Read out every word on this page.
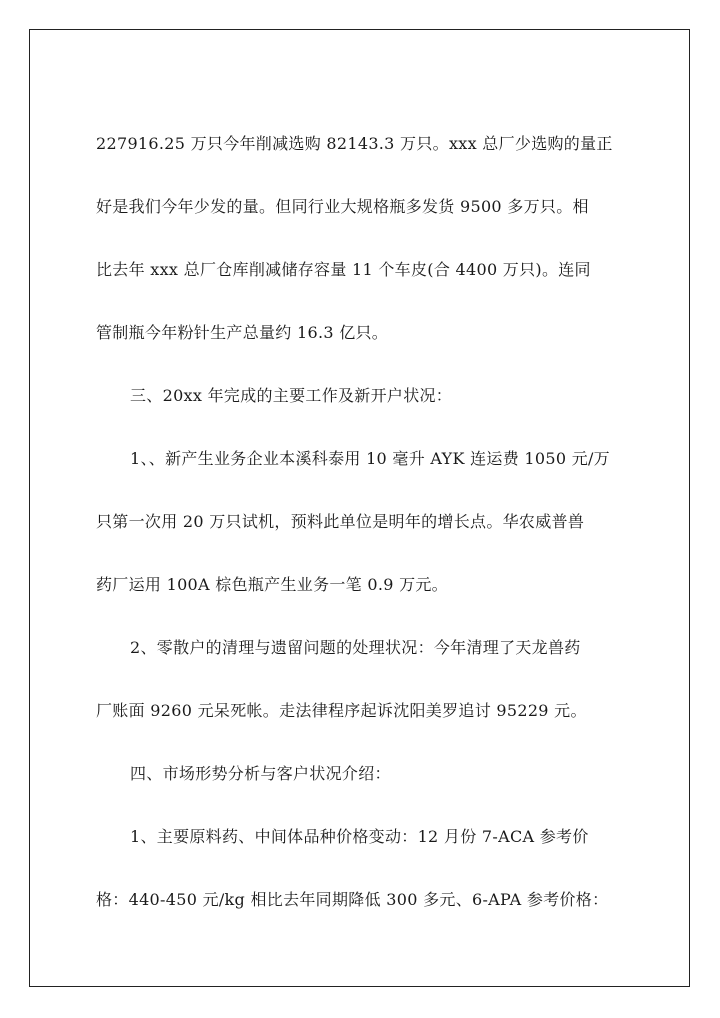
227916.25 万只今年削减选购 82143.3 万只。xxx 总厂少选购的量正

好是我们今年少发的量。但同行业大规格瓶多发货 9500 多万只。相

比去年 xxx 总厂仓库削减储存容量 11 个车皮(合 4400 万只)。连同

管制瓶今年粉针生产总量约 16.3 亿只。

三、20xx 年完成的主要工作及新开户状况：

1、、新产生业务企业本溪科泰用 10 毫升 AYK 连运费 1050 元/万

只第一次用 20 万只试机，预料此单位是明年的增长点。华农威普兽

药厂运用 100A 棕色瓶产生业务一笔 0.9 万元。

2、零散户的清理与遗留问题的处理状况：今年清理了天龙兽药

厂账面 9260 元呆死帐。走法律程序起诉沈阳美罗追讨 95229 元。

四、市场形势分析与客户状况介绍：

1、主要原料药、中间体品种价格变动：12 月份 7-ACA 参考价

格：440-450 元/kg 相比去年同期降低 300 多元、6-APA 参考价格：
